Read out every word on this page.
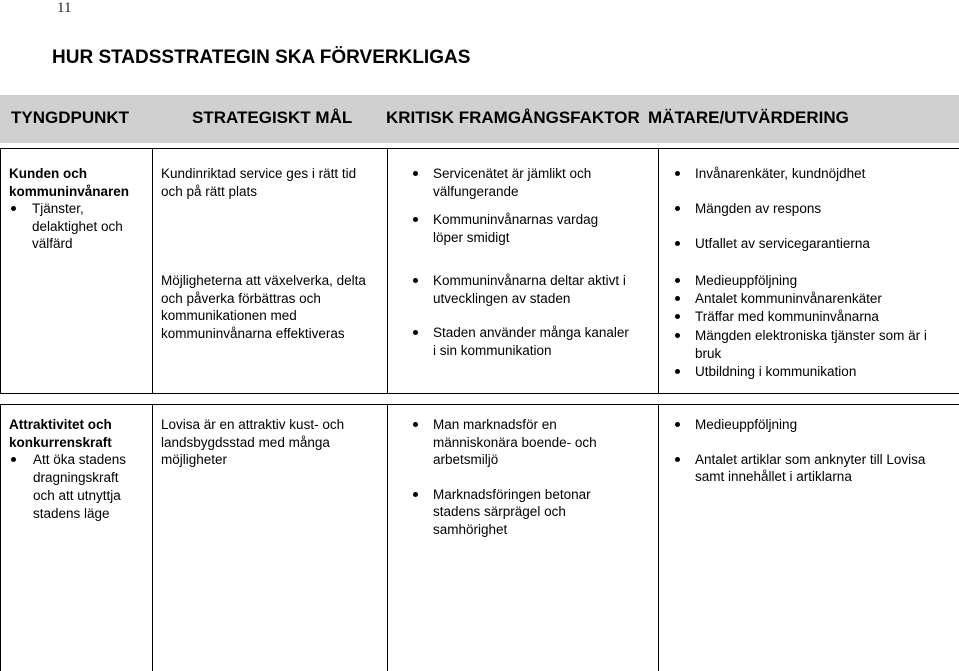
11
HUR STADSSTRATEGIN SKA FÖRVERKLIGAS
TYNGDPUNKT	STRATEGISKT MÅL KRITISK FRAMGÅNGSFAKTOR MÄTARE/UTVÄRDERING
Kunden och kommuninvånaren
Tjänster, delaktighet och välfärd
Kundinriktad service ges i rätt tid och på rätt plats
Servicenätet är jämlikt och välfungerande
Kommuninvånarnas vardag löper smidigt
Invånarenkäter, kundnöjdhet
Mängden av respons
Utfallet av servicegarantierna
Möjligheterna att växelverka, delta och påverka förbättras och kommunikationen med kommuninvånarna effektiveras
Kommuninvånarna deltar aktivt i utvecklingen av staden
Staden använder många kanaler i sin kommunikation
Medieuppföljning
Antalet kommuninvånarenkäter
Träffar med kommuninvånarna
Mängden elektroniska tjänster som är i bruk
Utbildning i kommunikation
Attraktivitet och konkurrenskraft
Att öka stadens dragningskraft och att utnyttja stadens läge
Lovisa är en attraktiv kust- och landsbygdsstad med många möjligheter
Man marknadsför en människonära boende- och arbetsmiljö
Marknadsföringen betonar stadens särprägel och samhörighet
Medieuppföljning
Antalet artiklar som anknyter till Lovisa samt innehållet i artiklarna
